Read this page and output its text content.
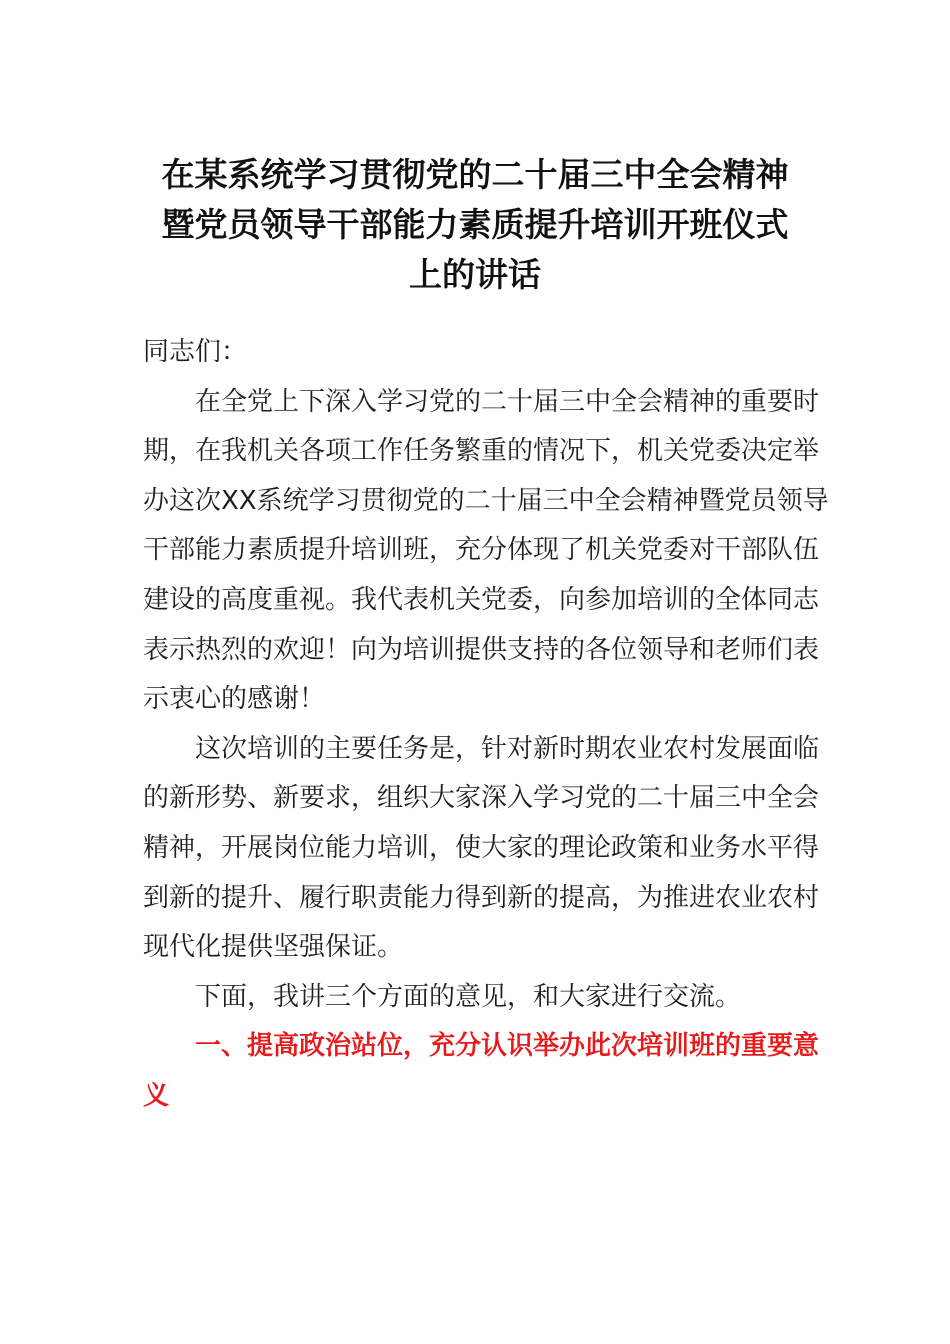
在某系统学习贯彻党的二十届三中全会精神
暨党员领导干部能力素质提升培训开班仪式
上的讲话
同志们：
在全党上下深入学习党的二十届三中全会精神的重要时
期，在我机关各项工作任务繁重的情况下，机关党委决定举
办这次XX系统学习贯彻党的二十届三中全会精神暨党员领导
干部能力素质提升培训班，充分体现了机关党委对干部队伍
建设的高度重视。我代表机关党委，向参加培训的全体同志
表示热烈的欢迎！向为培训提供支持的各位领导和老师们表
示衷心的感谢！
这次培训的主要任务是，针对新时期农业农村发展面临
的新形势、新要求，组织大家深入学习党的二十届三中全会
精神，开展岗位能力培训，使大家的理论政策和业务水平得
到新的提升、履行职责能力得到新的提高，为推进农业农村
现代化提供坚强保证。
下面，我讲三个方面的意见，和大家进行交流。
一、提高政治站位，充分认识举办此次培训班的重要意
义
